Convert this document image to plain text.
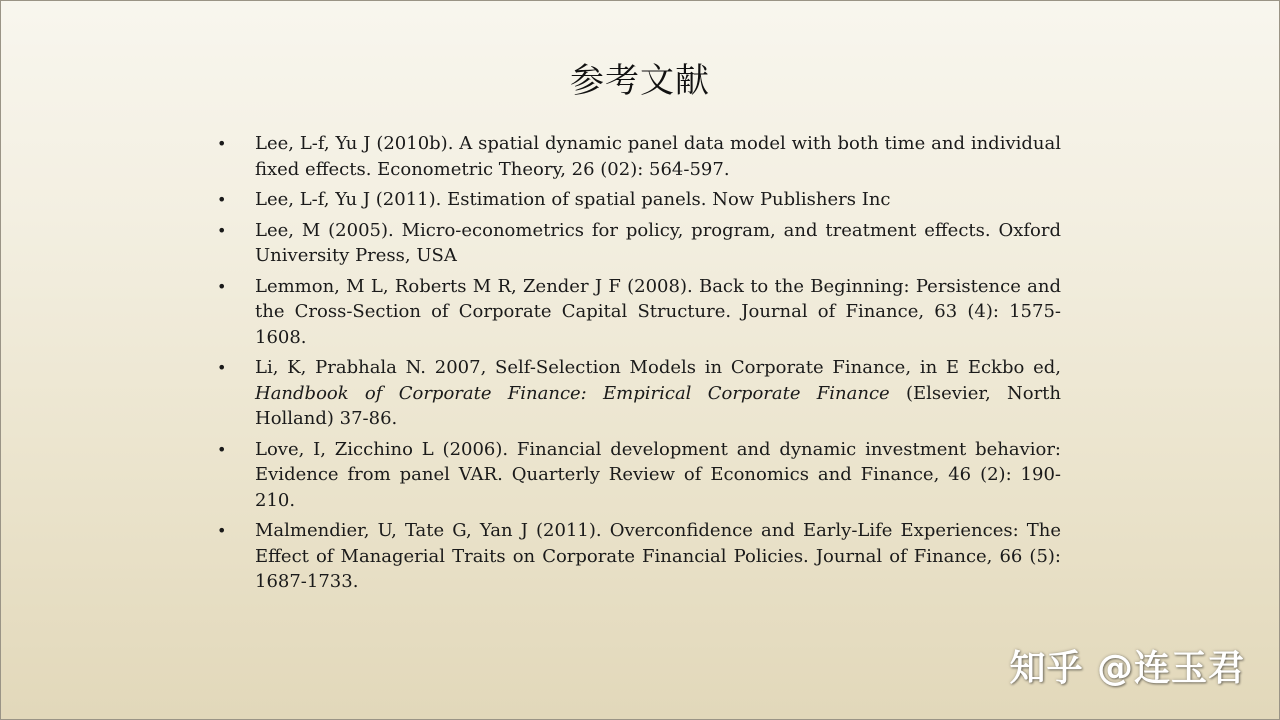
参考文献
• Lee, L-f, Yu J (2010b). A spatial dynamic panel data model with both time and individual fixed effects. Econometric Theory, 26 (02): 564-597.
• Lee, L-f, Yu J (2011). Estimation of spatial panels. Now Publishers Inc
• Lee, M (2005). Micro-econometrics for policy, program, and treatment effects. Oxford University Press, USA
• Lemmon, M L, Roberts M R, Zender J F (2008). Back to the Beginning: Persistence and the Cross-Section of Corporate Capital Structure. Journal of Finance, 63 (4): 1575-1608.
• Li, K, Prabhala N. 2007, Self-Selection Models in Corporate Finance, in E Eckbo ed, Handbook of Corporate Finance: Empirical Corporate Finance (Elsevier, North Holland) 37-86.
• Love, I, Zicchino L (2006). Financial development and dynamic investment behavior: Evidence from panel VAR. Quarterly Review of Economics and Finance, 46 (2): 190-210.
• Malmendier, U, Tate G, Yan J (2011). Overconfidence and Early-Life Experiences: The Effect of Managerial Traits on Corporate Financial Policies. Journal of Finance, 66 (5): 1687-1733.
知乎 @连玉君
